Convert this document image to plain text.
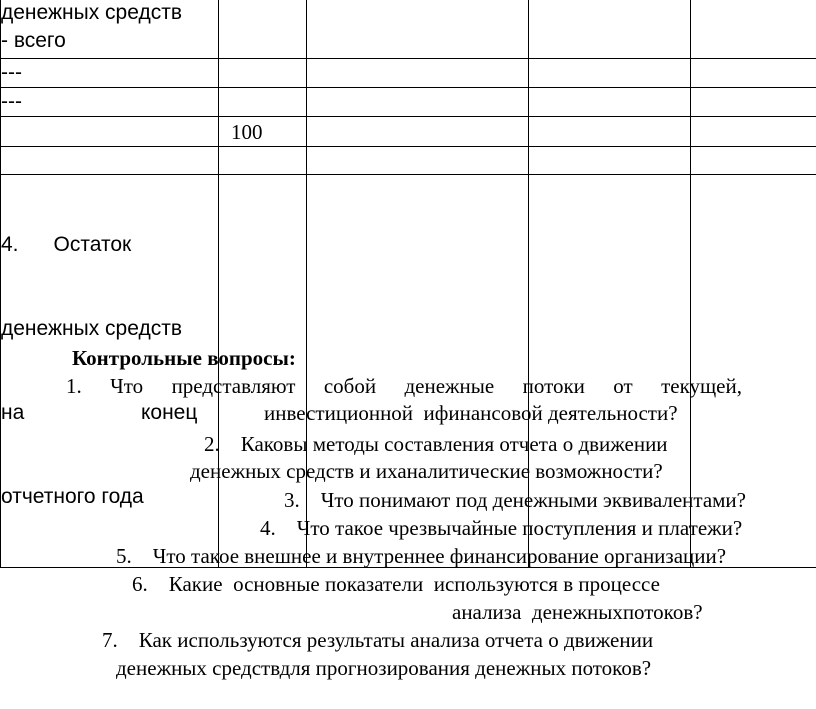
денежных средств
- всего				

---				

---				

	100			

4.      Остаток

денежных средств

на                    конец

отчетного года				

Контрольные вопросы:
1. Что представляют собой денежные потоки от текущей,
инвестиционной  ифинансовой деятельности?
2.    Каковы методы составления отчета о движении
денежных средств и иханалитические возможности?
3.    Что понимают под денежными эквивалентами?
4.    Что такое чрезвычайные поступления и платежи?
5.    Что такое внешнее и внутреннее финансирование организации?
6.    Какие  основные показатели  используются в процессе
анализа  денежныхпотоков?
7.    Как используются результаты анализа отчета о движении
денежных средствдля прогнозирования денежных потоков?
